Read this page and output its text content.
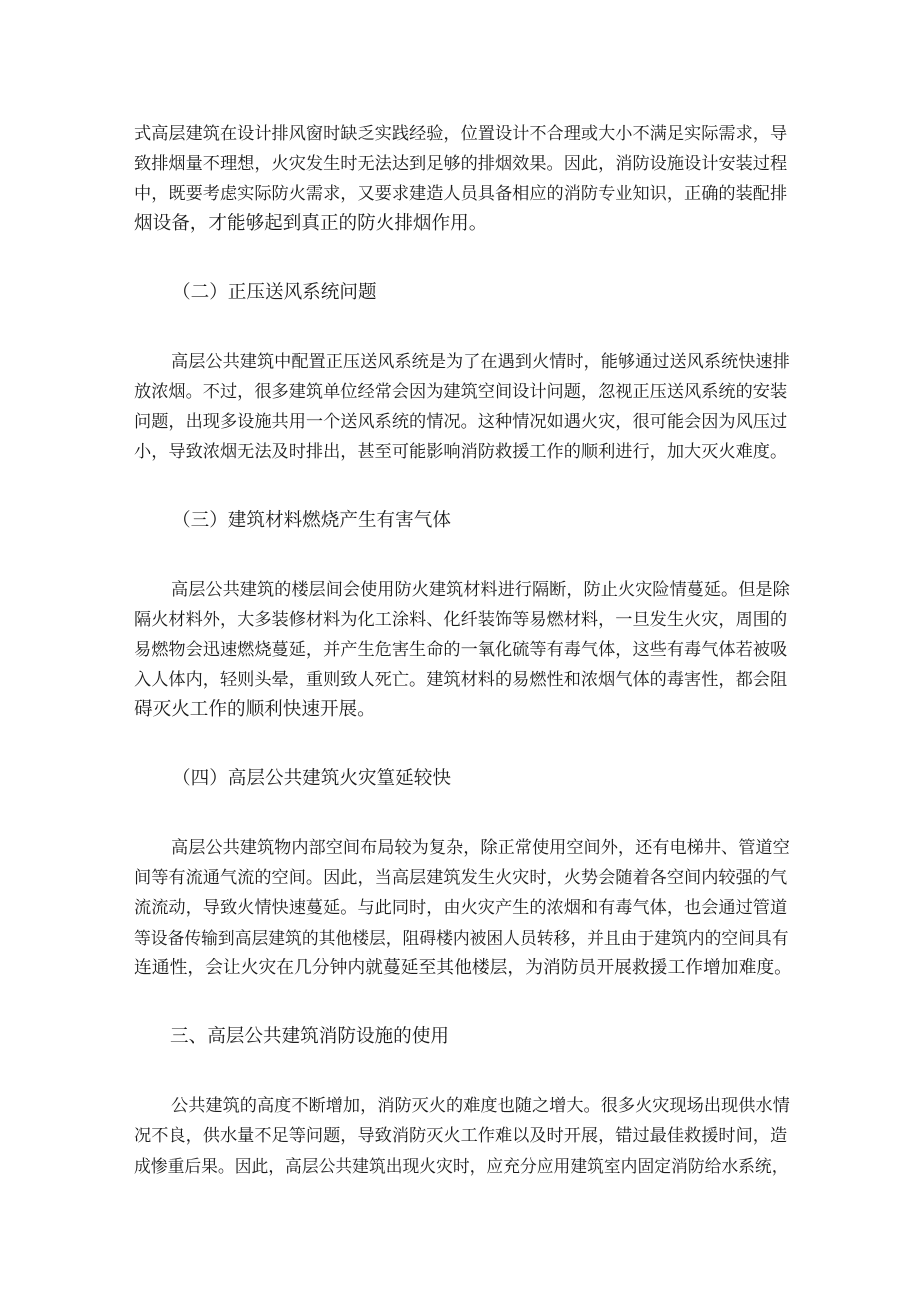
式高层建筑在设计排风窗时缺乏实践经验，位置设计不合理或大小不满足实际需求，导
致排烟量不理想，火灾发生时无法达到足够的排烟效果。因此，消防设施设计安装过程
中，既要考虑实际防火需求，又要求建造人员具备相应的消防专业知识，正确的装配排
烟设备，才能够起到真正的防火排烟作用。
（二）正压送风系统问题
高层公共建筑中配置正压送风系统是为了在遇到火情时，能够通过送风系统快速排
放浓烟。不过，很多建筑单位经常会因为建筑空间设计问题，忽视正压送风系统的安装
问题，出现多设施共用一个送风系统的情况。这种情况如遇火灾，很可能会因为风压过
小，导致浓烟无法及时排出，甚至可能影响消防救援工作的顺利进行，加大灭火难度。
（三）建筑材料燃烧产生有害气体
高层公共建筑的楼层间会使用防火建筑材料进行隔断，防止火灾险情蔓延。但是除
隔火材料外，大多装修材料为化工涂料、化纤装饰等易燃材料，一旦发生火灾，周围的
易燃物会迅速燃烧蔓延，并产生危害生命的一氧化硫等有毒气体，这些有毒气体若被吸
入人体内，轻则头晕，重则致人死亡。建筑材料的易燃性和浓烟气体的毒害性，都会阻
碍灭火工作的顺利快速开展。
（四）高层公共建筑火灾篁延较快
高层公共建筑物内部空间布局较为复杂，除正常使用空间外，还有电梯井、管道空
间等有流通气流的空间。因此，当高层建筑发生火灾时，火势会随着各空间内较强的气
流流动，导致火情快速蔓延。与此同时，由火灾产生的浓烟和有毒气体，也会通过管道
等设备传输到高层建筑的其他楼层，阻碍楼内被困人员转移，并且由于建筑内的空间具有
连通性，会让火灾在几分钟内就蔓延至其他楼层，为消防员开展救援工作增加难度。
三、高层公共建筑消防设施的使用
公共建筑的高度不断增加，消防灭火的难度也随之增大。很多火灾现场出现供水情
况不良，供水量不足等问题，导致消防灭火工作难以及时开展，错过最佳救援时间，造
成惨重后果。因此，高层公共建筑出现火灾时，应充分应用建筑室内固定消防给水系统，
